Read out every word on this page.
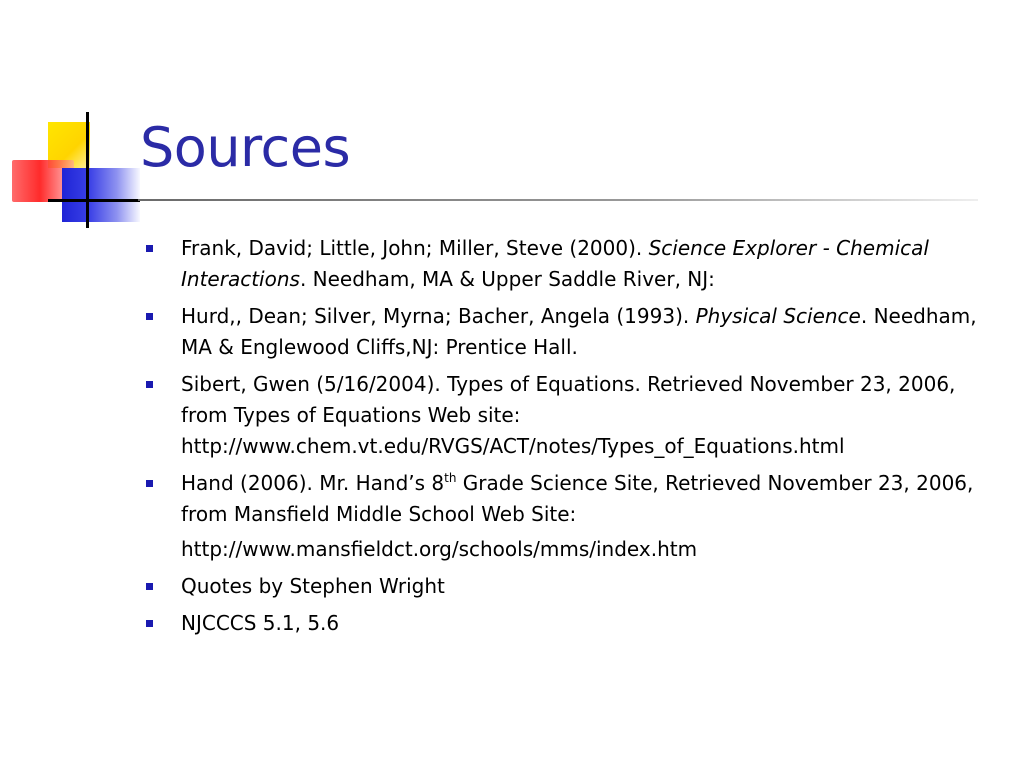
Sources
Frank, David; Little, John; Miller, Steve (2000). Science Explorer - Chemical Interactions. Needham, MA & Upper Saddle River, NJ:
Hurd,, Dean; Silver, Myrna; Bacher, Angela (1993). Physical Science. Needham, MA & Englewood Cliffs,NJ: Prentice Hall.
Sibert, Gwen (5/16/2004). Types of Equations. Retrieved November 23, 2006, from Types of Equations Web site: http://www.chem.vt.edu/RVGS/ACT/notes/Types_of_Equations.html
Hand (2006). Mr. Hand’s 8th Grade Science Site, Retrieved November 23, 2006, from Mansfield Middle School Web Site:
http://www.mansfieldct.org/schools/mms/index.htm
Quotes by Stephen Wright
NJCCCS 5.1, 5.6
